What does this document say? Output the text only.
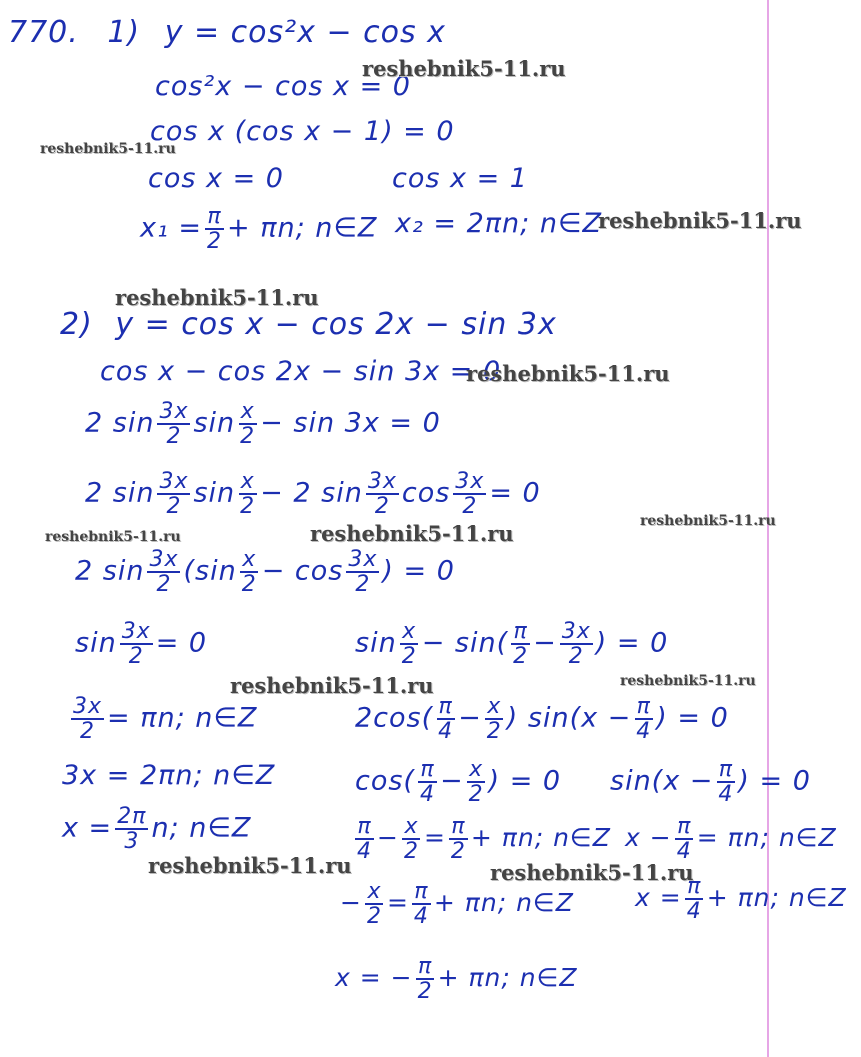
770. 1) y = cos²x − cos x
cos²x − cos x = 0
cos x (cos x − 1) = 0
cos x = 0	cos x = 1
$x_1 = \frac{\pi}{2} + \pi n$; n∈Z x₂ = 2πn; n∈Z
2) y = cos x − cos 2x − sin 3x
cos x − cos 2x − sin 3x = 0
2 $\sin \frac{3x}{2}$ $\sin \frac{x}{2} - \sin 3x = 0$
2 $\sin \frac{3x}{2}$ $\sin \frac{x}{2} - 2$ $\sin \frac{3x}{2}$ $\cos \frac{3x}{2} = 0$
2 $\sin \frac{3x}{2} (\sin \frac{x}{2} - \cos \frac{3x}{2}$ ) = 0
$\sin \frac{3x}{2} = 0$
$\frac{3x}{2} = \pi n$; n∈Z
3x = 2πn; n∈Z
$x = \frac{2\pi}{3} n$; n∈Z
$\sin \frac{x}{2} - \sin( \frac{\pi}{2} - \frac{3x}{2}$ ) = 0
$2\cos( \frac{\pi}{4} - \frac{x}{2}$ ) $\sin(x - \frac{\pi}{4}$ ) = 0
$\cos( \frac{\pi}{4} - \frac{x}{2}$ ) = 0 $\sin(x - \frac{\pi}{4}$ ) = 0
$\frac{\pi}{4} - \frac{x}{2} = \frac{\pi}{2} + \pi n$; n∈Z $x - \frac{\pi}{4} = \pi n$; n∈Z
− $\frac{x}{2} = \frac{\pi}{4} + \pi n$; n∈Z $x = \frac{\pi}{4} + \pi n$; n∈Z
x = − $\frac{\pi}{2} + \pi n$; n∈Z
reshebnik5-11.ru
reshebnik5-11.ru
reshebnik5-11.ru
reshebnik5-11.ru
reshebnik5-11.ru
reshebnik5-11.ru	reshebnik5-11.ru	reshebnik5-11.ru
reshebnik5-11.ru	reshebnik5-11.ru
reshebnik5-11.ru	reshebnik5-11.ru
